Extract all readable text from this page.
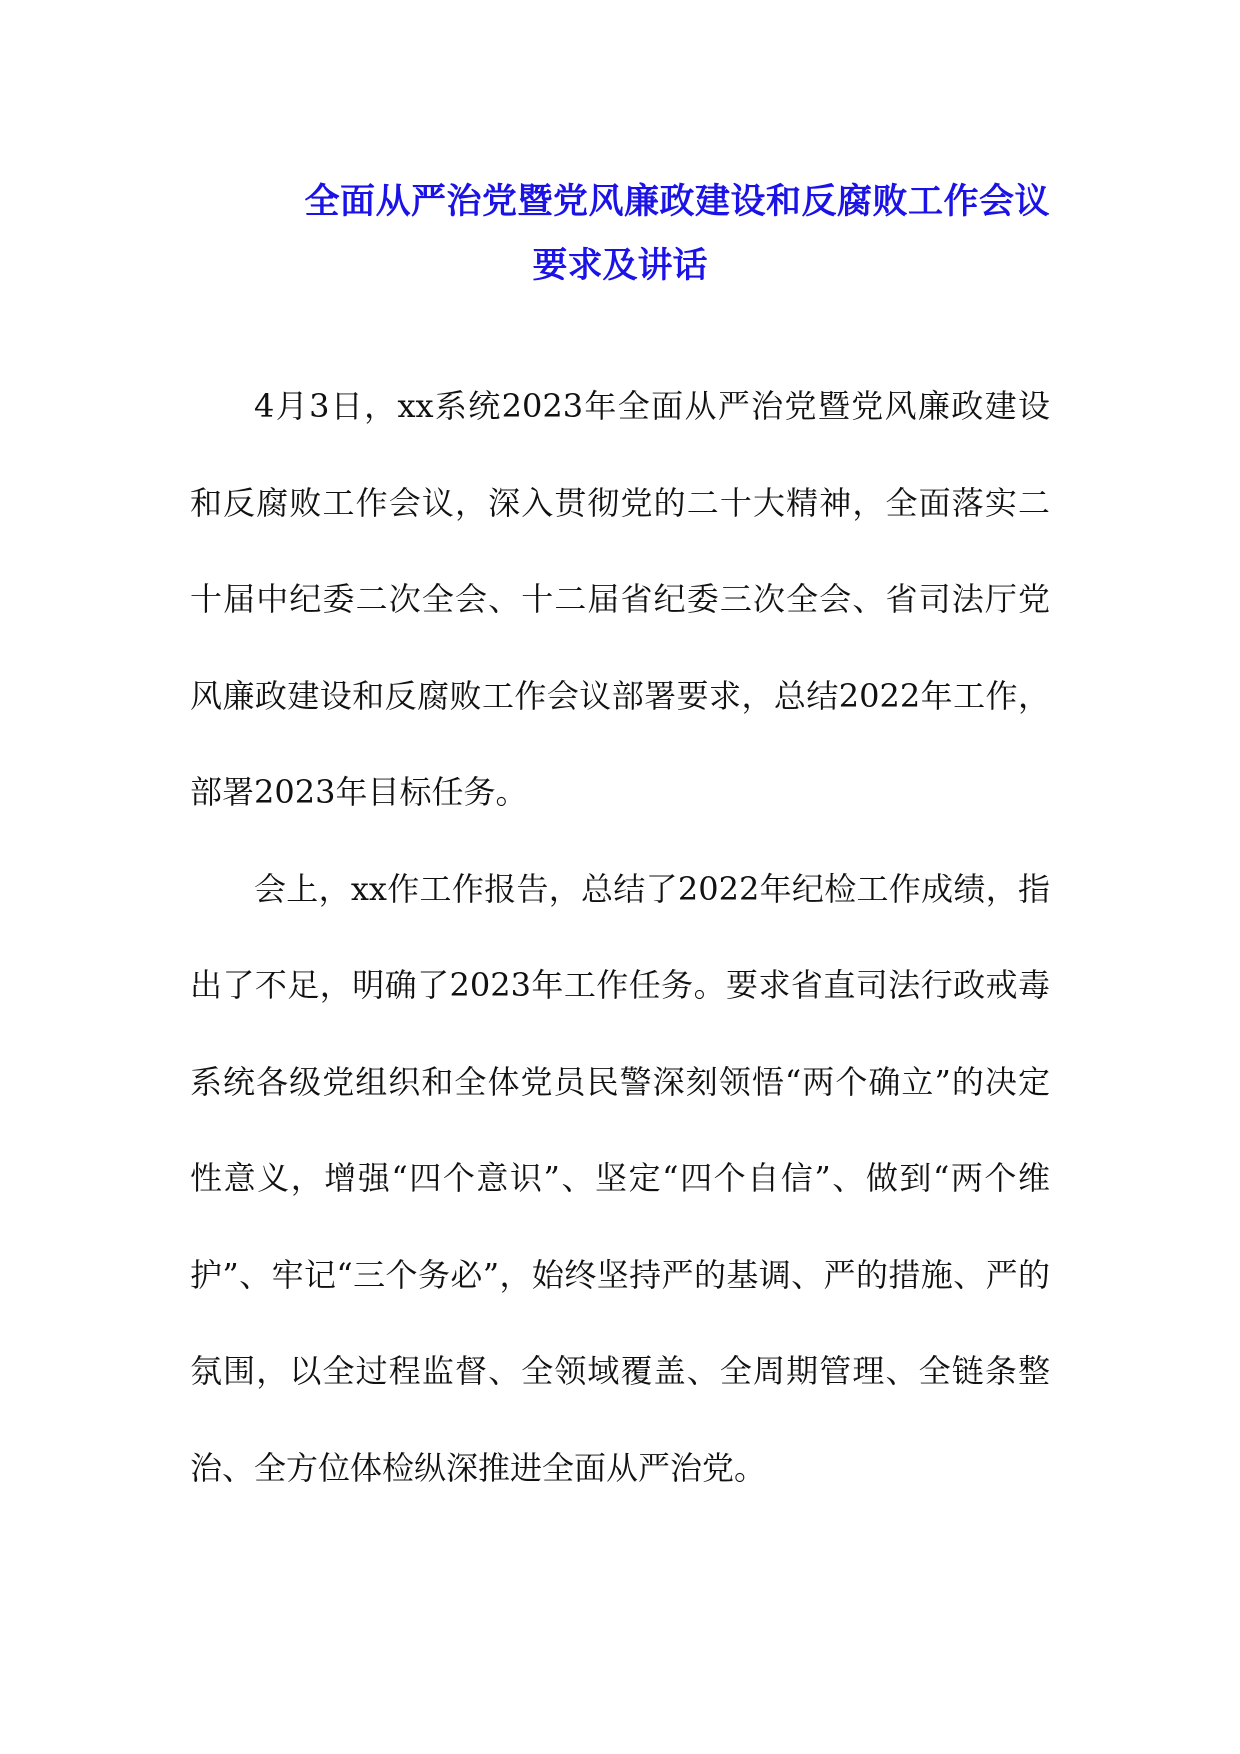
全面从严治党暨党风廉政建设和反腐败工作会议
要求及讲话

4月3日，xx系统2023年全面从严治党暨党风廉政建设和反腐败工作会议，深入贯彻党的二十大精神，全面落实二十届中纪委二次全会、十二届省纪委三次全会、省司法厅党风廉政建设和反腐败工作会议部署要求，总结2022年工作，部署2023年目标任务。

会上，xx作工作报告，总结了2022年纪检工作成绩，指出了不足，明确了2023年工作任务。要求省直司法行政戒毒系统各级党组织和全体党员民警深刻领悟“两个确立”的决定性意义，增强“四个意识”、坚定“四个自信”、做到“两个维护”、牢记“三个务必”，始终坚持严的基调、严的措施、严的氛围，以全过程监督、全领域覆盖、全周期管理、全链条整治、全方位体检纵深推进全面从严治党。
